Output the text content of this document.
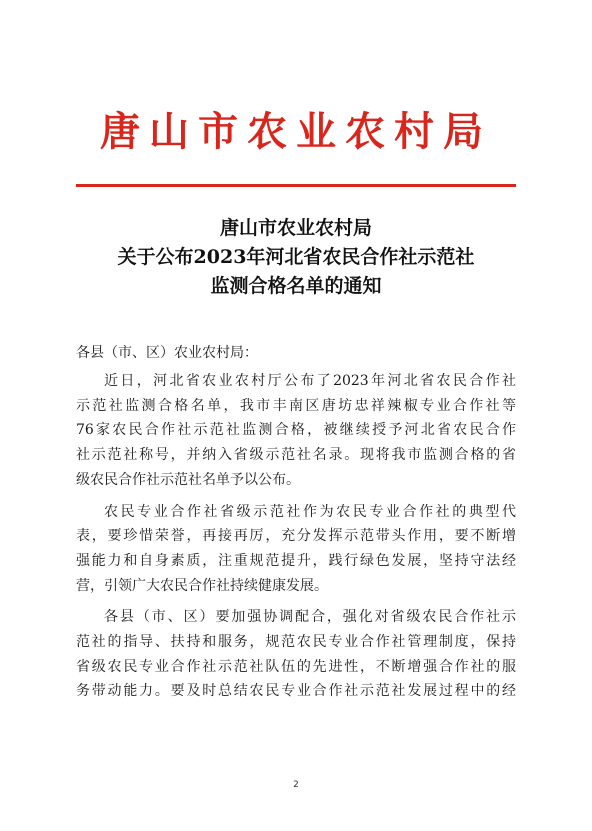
唐山市农业农村局
唐山市农业农村局
关于公布2023年河北省农民合作社示范社
监测合格名单的通知
各县（市、区）农业农村局：
近日，河北省农业农村厅公布了2023年河北省农民合作社
示范社监测合格名单，我市丰南区唐坊忠祥辣椒专业合作社等
76家农民合作社示范社监测合格，被继续授予河北省农民合作
社示范社称号，并纳入省级示范社名录。现将我市监测合格的省
级农民合作社示范社名单予以公布。
农民专业合作社省级示范社作为农民专业合作社的典型代
表，要珍惜荣誉，再接再厉，充分发挥示范带头作用，要不断增
强能力和自身素质，注重规范提升，践行绿色发展，坚持守法经
营，引领广大农民合作社持续健康发展。
各县（市、区）要加强协调配合，强化对省级农民合作社示
范社的指导、扶持和服务，规范农民专业合作社管理制度，保持
省级农民专业合作社示范社队伍的先进性，不断增强合作社的服
务带动能力。要及时总结农民专业合作社示范社发展过程中的经
2
